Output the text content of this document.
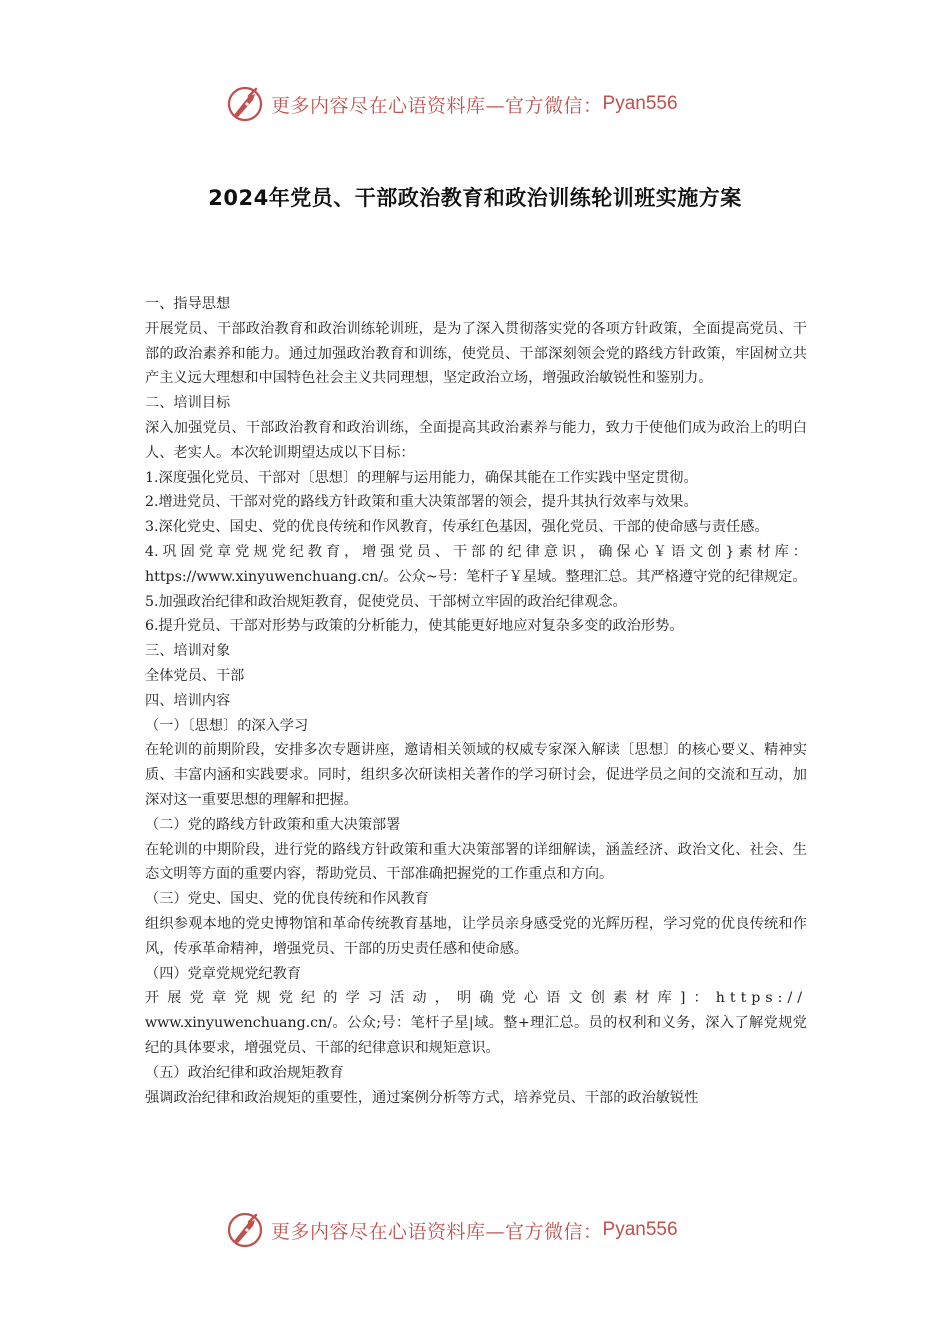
更多内容尽在心语资料库—官方微信： Pyan556
2024年党员、干部政治教育和政治训练轮训班实施方案

一、指导思想

开展党员、干部政治教育和政治训练轮训班，是为了深入贯彻落实党的各项方针政策，全面提高党员、干部的政治素养和能力。通过加强政治教育和训练，使党员、干部深刻领会党的路线方针政策，牢固树立共产主义远大理想和中国特色社会主义共同理想，坚定政治立场，增强政治敏锐性和鉴别力。

二、培训目标

深入加强党员、干部政治教育和政治训练，全面提高其政治素养与能力，致力于使他们成为政治上的明白人、老实人。本次轮训期望达成以下目标：

1.深度强化党员、干部对〔思想〕的理解与运用能力，确保其能在工作实践中坚定贯彻。

2.增进党员、干部对党的路线方针政策和重大决策部署的领会，提升其执行效率与效果。

3.深化党史、国史、党的优良传统和作风教育，传承红色基因，强化党员、干部的使命感与责任感。

4.巩固党章党规党纪教育，增强党员、干部的纪律意识，确保心￥语文创}素材库：https://www.xinyuwenchuang.cn/。公众~号：笔杆子￥星域。整理汇总。其严格遵守党的纪律规定。

5.加强政治纪律和政治规矩教育，促使党员、干部树立牢固的政治纪律观念。

6.提升党员、干部对形势与政策的分析能力，使其能更好地应对复杂多变的政治形势。

三、培训对象

全体党员、干部

四、培训内容

（一）〔思想〕的深入学习

在轮训的前期阶段，安排多次专题讲座，邀请相关领域的权威专家深入解读〔思想〕的核心要义、精神实质、丰富内涵和实践要求。同时，组织多次研读相关著作的学习研讨会，促进学员之间的交流和互动，加深对这一重要思想的理解和把握。

（二）党的路线方针政策和重大决策部署

在轮训的中期阶段，进行党的路线方针政策和重大决策部署的详细解读，涵盖经济、政治文化、社会、生态文明等方面的重要内容，帮助党员、干部准确把握党的工作重点和方向。

（三）党史、国史、党的优良传统和作风教育

组织参观本地的党史博物馆和革命传统教育基地，让学员亲身感受党的光辉历程，学习党的优良传统和作风，传承革命精神，增强党员、干部的历史责任感和使命感。

（四）党章党规党纪教育

开展党章党规党纪的学习活动，明确党心语文创素材库]：https://

www.xinyuwenchuang.cn/。公众;号：笔杆子星|域。整+理汇总。员的权利和义务，深入了解党规党纪的具体要求，增强党员、干部的纪律意识和规矩意识。

（五）政治纪律和政治规矩教育

强调政治纪律和政治规矩的重要性，通过案例分析等方式，培养党员、干部的政治敏锐性

更多内容尽在心语资料库—官方微信： Pyan556
